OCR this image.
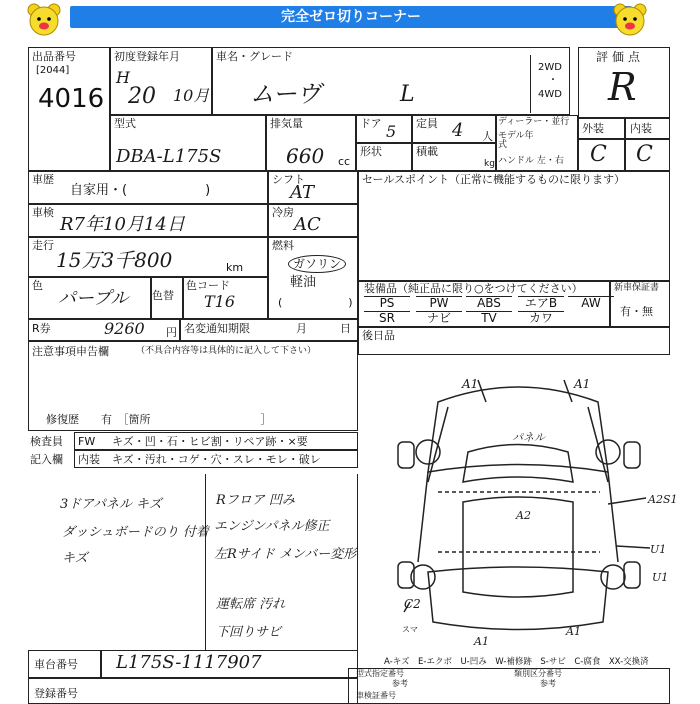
完全ゼロ切りコーナー
出品番号
[2044]
4016
初度登録年月
H
20 10月
車名・グレード
ムーヴ	L
2WD
・
4WD
評価点
R
外装 内装
C C
型式
DBA-L175S
排気量
660 cc
ドア 5 定員 4 人
ディーラー・並行
モデル年式
ハンドル 左・右
形状	積載
kg
車歴
自家用・(　　　　　　)
シフト
AT
セールスポイント（正常に機能するものに限ります）
車検
R7年10月14日
冷房
AC
走行
15万3千800	km
燃料
ガソリン
軽油
(　　　　　　)
色
パープル 色替
色コード
T16
装備品（純正品に限り○をつけてください）
PS	PW	ABS	エアB	AW
SR	ナビ	TV	カワ
新車保証書
有・無
R券	9260 円 名変通知期限	月	日
後日品
注意事項申告欄	（不具合内容等は具体的に記入して下さい）
修復歴　　有　［箇所　　　　　　　　　　］
検査員 FW キズ・凹・石・ヒビ割・リペア跡・×要
記入欄 内装 キズ・汚れ・コゲ・穴・スレ・モレ・破レ
3ドアパネル キズ
ダッシュボードのり 付着
キズ
Rフロア 凹み
エンジンパネル修正
左Rサイド メンバー変形
運転席 汚れ
下回りサビ
A1	A1
パネル
A2
A2S1
U1
U1
C2
スマ
A1
A1
A-キズ　E-エクボ　U-凹み　W-補修跡　S-サビ　C-腐食　XX-交換済
車台番号 L175S-1117907
登録番号
型式指定番号
参考
類別区分番号
参考
車検証番号
